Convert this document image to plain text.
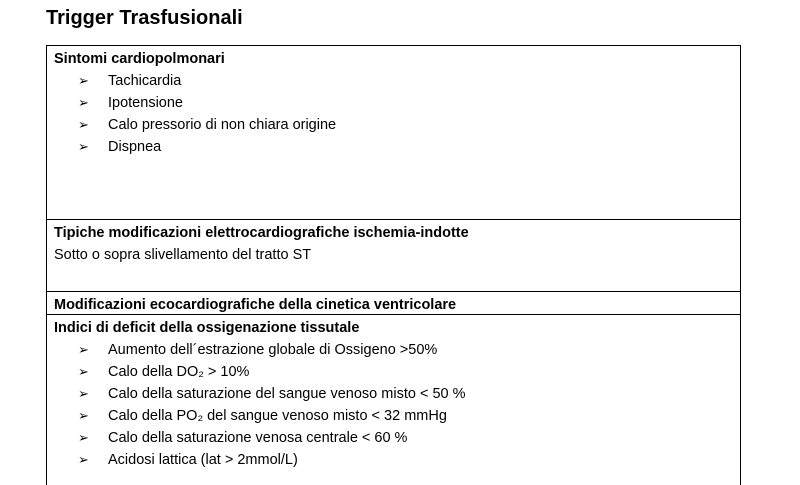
Trigger Trasfusionali
Sintomi cardiopolmonari
➢ Tachicardia
➢ Ipotensione
➢ Calo pressorio di non chiara origine
➢ Dispnea
Tipiche modificazioni elettrocardiografiche ischemia-indotte
Sotto o sopra slivellamento del tratto ST
Modificazioni ecocardiografiche della cinetica ventricolare
Indici di deficit della ossigenazione tissutale
➢ Aumento dell´estrazione globale di Ossigeno >50%
➢ Calo della DO₂ > 10%
➢ Calo della saturazione del sangue venoso misto < 50 %
➢ Calo della PO₂ del sangue venoso misto < 32 mmHg
➢ Calo della saturazione venosa centrale < 60 %
➢ Acidosi lattica (lat > 2mmol/L)
